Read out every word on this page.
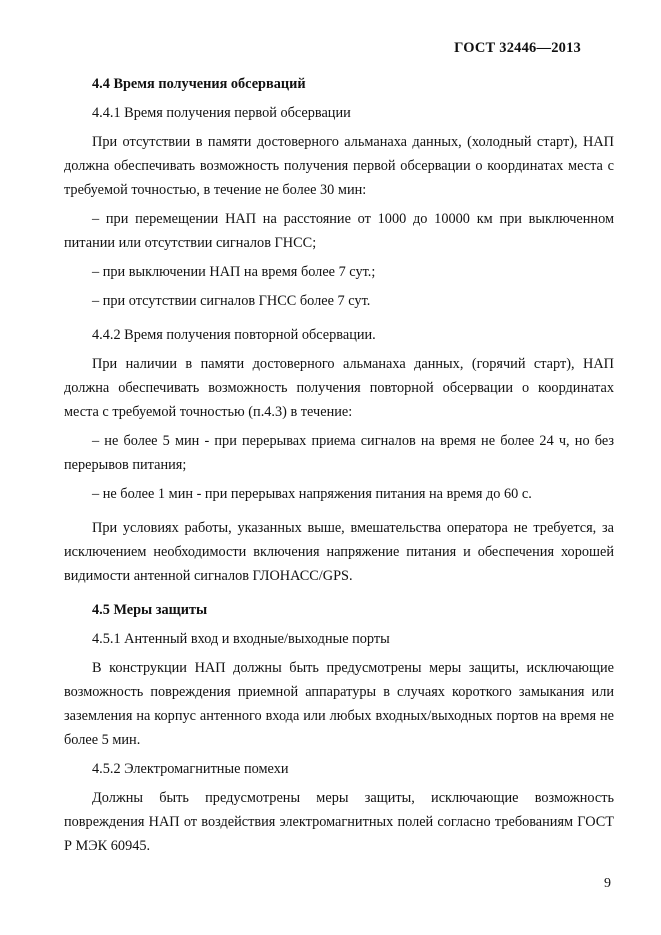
ГОСТ 32446—2013

4.4 Время получения обсерваций

4.4.1 Время получения первой обсервации

При отсутствии в памяти достоверного альманаха данных, (холодный старт), НАП должна обеспечивать возможность получения первой обсервации о координатах места с требуемой точностью, в течение не более 30 мин:

– при перемещении НАП на расстояние от 1000 до 10000 км при выключенном питании или отсутствии сигналов ГНСС;

– при выключении НАП на время более 7 сут.;

– при отсутствии сигналов ГНСС более 7 сут.

4.4.2 Время получения повторной обсервации.

При наличии в памяти достоверного альманаха данных, (горячий старт), НАП должна обеспечивать возможность получения повторной обсервации о координатах места с требуемой точностью (п.4.3) в течение:

– не более 5 мин - при перерывах приема сигналов на время не более 24 ч, но без перерывов питания;

– не более 1 мин - при перерывах напряжения питания на время до 60 с.

При условиях работы, указанных выше, вмешательства оператора не требуется, за исключением необходимости включения напряжение питания и обеспечения хорошей видимости антенной сигналов ГЛОНАСС/GPS.

4.5 Меры защиты

4.5.1 Антенный вход и входные/выходные порты

В конструкции НАП должны быть предусмотрены меры защиты, исключающие возможность повреждения приемной аппаратуры в случаях короткого замыкания или заземления на корпус антенного входа или любых входных/выходных портов на время не более 5 мин.

4.5.2 Электромагнитные помехи

Должны быть предусмотрены меры защиты, исключающие возможность повреждения НАП от воздействия электромагнитных полей согласно требованиям ГОСТ Р МЭК 60945.

9
